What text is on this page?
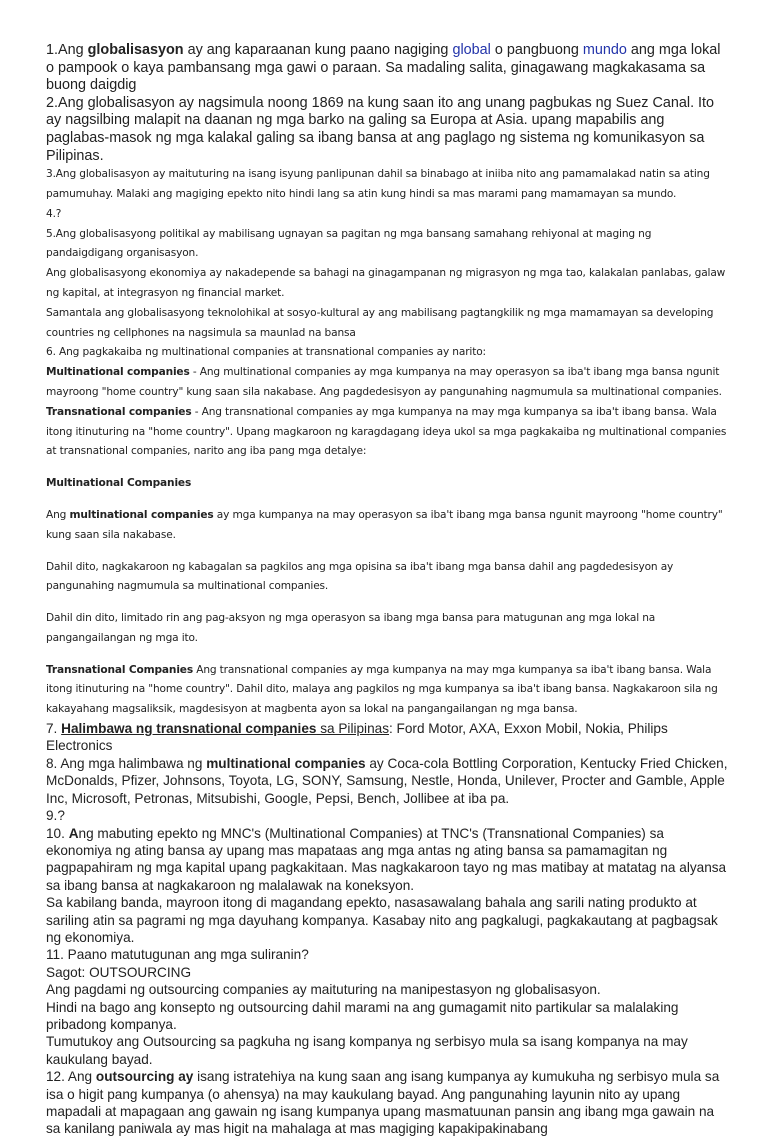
1.Ang globalisasyon ay ang kaparaanan kung paano nagiging global o pangbuong mundo ang mga lokal o pampook o kaya pambansang mga gawi o paraan. Sa madaling salita, ginagawang magkakasama sa buong daigdig

2.Ang globalisasyon ay nagsimula noong 1869 na kung saan ito ang unang pagbukas ng Suez Canal. Ito ay nagsilbing malapit na daanan ng mga barko na galing sa Europa at Asia. upang mapabilis ang paglabas-masok ng mga kalakal galing sa ibang bansa at ang paglago ng sistema ng komunikasyon sa Pilipinas.

3.Ang globalisasyon ay maituturing na isang isyung panlipunan dahil sa binabago at iniiba nito ang pamamalakad natin sa ating pamumuhay. Malaki ang magiging epekto nito hindi lang sa atin kung hindi sa mas marami pang mamamayan sa mundo.

4.?

5.Ang globalisasyong politikal ay mabilisang ugnayan sa pagitan ng mga bansang samahang rehiyonal at maging ng pandaigdigang organisasyon.

Ang globalisasyong ekonomiya ay nakadepende sa bahagi na ginagampanan ng migrasyon ng mga tao, kalakalan panlabas, galaw ng kapital, at integrasyon ng financial market.

Samantala ang globalisasyong teknolohikal at sosyo-kultural ay ang mabilisang pagtangkilik ng mga mamamayan sa developing countries ng cellphones na nagsimula sa maunlad na bansa

6. Ang pagkakaiba ng multinational companies at transnational companies ay narito:

Multinational companies - Ang multinational companies ay mga kumpanya na may operasyon sa iba't ibang mga bansa ngunit mayroong "home country" kung saan sila nakabase. Ang pagdedesisyon ay pangunahing nagmumula sa multinational companies.

Transnational companies - Ang transnational companies ay mga kumpanya na may mga kumpanya sa iba't ibang bansa. Wala itong itinuturing na "home country". Upang magkaroon ng karagdagang ideya ukol sa mga pagkakaiba ng multinational companies at transnational companies, narito ang iba pang mga detalye:

Multinational Companies

Ang multinational companies ay mga kumpanya na may operasyon sa iba't ibang mga bansa ngunit mayroong "home country" kung saan sila nakabase.

Dahil dito, nagkakaroon ng kabagalan sa pagkilos ang mga opisina sa iba't ibang mga bansa dahil ang pagdedesisyon ay pangunahing nagmumula sa multinational companies.

Dahil din dito, limitado rin ang pag-aksyon ng mga operasyon sa ibang mga bansa para matugunan ang mga lokal na pangangailangan ng mga ito.

Transnational Companies Ang transnational companies ay mga kumpanya na may mga kumpanya sa iba't ibang bansa. Wala itong itinuturing na "home country". Dahil dito, malaya ang pagkilos ng mga kumpanya sa iba't ibang bansa. Nagkakaroon sila ng kakayahang magsaliksik, magdesisyon at magbenta ayon sa lokal na pangangailangan ng mga bansa.

7. Halimbawa ng transnational companies sa Pilipinas: Ford Motor, AXA, Exxon Mobil, Nokia, Philips Electronics

8. Ang mga halimbawa ng multinational companies ay Coca-cola Bottling Corporation, Kentucky Fried Chicken, McDonalds, Pfizer, Johnsons, Toyota, LG, SONY, Samsung, Nestle, Honda, Unilever, Procter and Gamble, Apple Inc, Microsoft, Petronas, Mitsubishi, Google, Pepsi, Bench, Jollibee at iba pa.

9.?

10. Ang mabuting epekto ng MNC's (Multinational Companies) at TNC's (Transnational Companies) sa ekonomiya ng ating bansa ay upang mas mapataas ang mga antas ng ating bansa sa pamamagitan ng pagpapahiram ng mga kapital upang pagkakitaan. Mas nagkakaroon tayo ng mas matibay at matatag na alyansa sa ibang bansa at nagkakaroon ng malalawak na koneksyon.

Sa kabilang banda, mayroon itong di magandang epekto, nasasawalang bahala ang sarili nating produkto at sariling atin sa pagrami ng mga dayuhang kompanya. Kasabay nito ang pagkalugi, pagkakautang at pagbagsak ng ekonomiya.

11. Paano matutugunan ang mga suliranin?

Sagot: OUTSOURCING

Ang pagdami ng outsourcing companies ay maituturing na manipestasyon ng globalisasyon.

Hindi na bago ang konsepto ng outsourcing dahil marami na ang gumagamit nito partikular sa malalaking pribadong kompanya.

Tumutukoy ang Outsourcing sa pagkuha ng isang kompanya ng serbisyo mula sa isang kompanya na may kaukulang bayad.

12. Ang outsourcing ay isang istratehiya na kung saan ang isang kumpanya ay kumukuha ng serbisyo mula sa isa o higit pang kumpanya (o ahensya) na may kaukulang bayad. Ang pangunahing layunin nito ay upang mapadali at mapagaan ang gawain ng isang kumpanya upang masmatuunan pansin ang ibang mga gawain na sa kanilang paniwala ay mas higit na mahalaga at mas magiging kapakipakinabang
